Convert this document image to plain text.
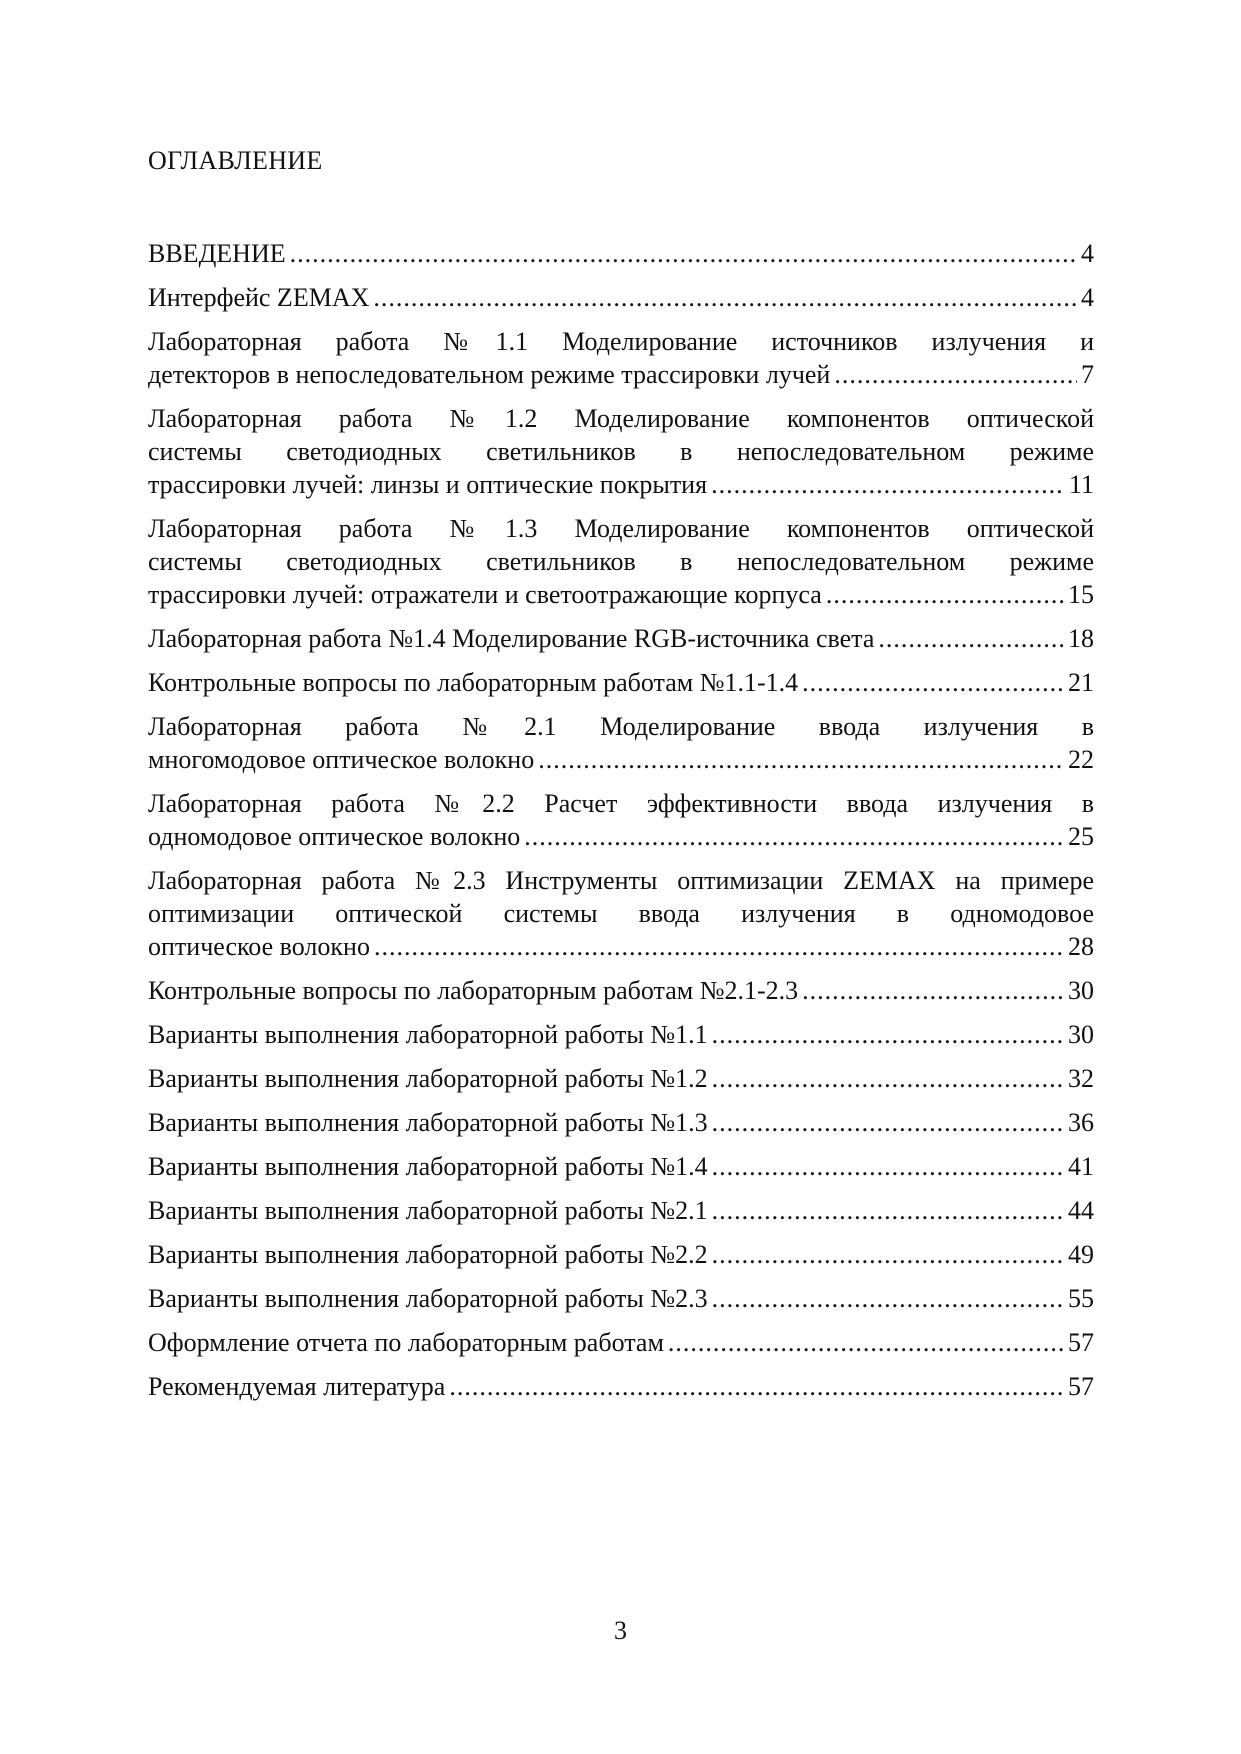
ОГЛАВЛЕНИЕ
ВВЕДЕНИЕ .....	4
Интерфейс ZEMAX .....	4
Лабораторная работа №1.1 Моделирование источников излучения и
детекторов в непоследовательном режиме трассировки лучей .....	7
Лабораторная работа №1.2 Моделирование компонентов оптической
системы светодиодных светильников в непоследовательном режиме
трассировки лучей: линзы и оптические покрытия .....	11
Лабораторная работа №1.3 Моделирование компонентов оптической
системы светодиодных светильников в непоследовательном режиме
трассировки лучей: отражатели и светоотражающие корпуса .....	15
Лабораторная работа №1.4 Моделирование RGB-источника света .....	18
Контрольные вопросы по лабораторным работам №1.1-1.4 .....	21
Лабораторная работа №2.1 Моделирование ввода излучения в
многомодовое оптическое волокно .....	22
Лабораторная работа №2.2 Расчет эффективности ввода излучения в
одномодовое оптическое волокно .....	25
Лабораторная работа №2.3 Инструменты оптимизации ZEMAX на примере
оптимизации оптической системы ввода излучения в одномодовое
оптическое волокно .....	28
Контрольные вопросы по лабораторным работам №2.1-2.3 .....	30
Варианты выполнения лабораторной работы №1.1 .....	30
Варианты выполнения лабораторной работы №1.2 .....	32
Варианты выполнения лабораторной работы №1.3 .....	36
Варианты выполнения лабораторной работы №1.4 .....	41
Варианты выполнения лабораторной работы №2.1 .....	44
Варианты выполнения лабораторной работы №2.2 .....	49
Варианты выполнения лабораторной работы №2.3 .....	55
Оформление отчета по лабораторным работам .....	57
Рекомендуемая литература .....	57
3
